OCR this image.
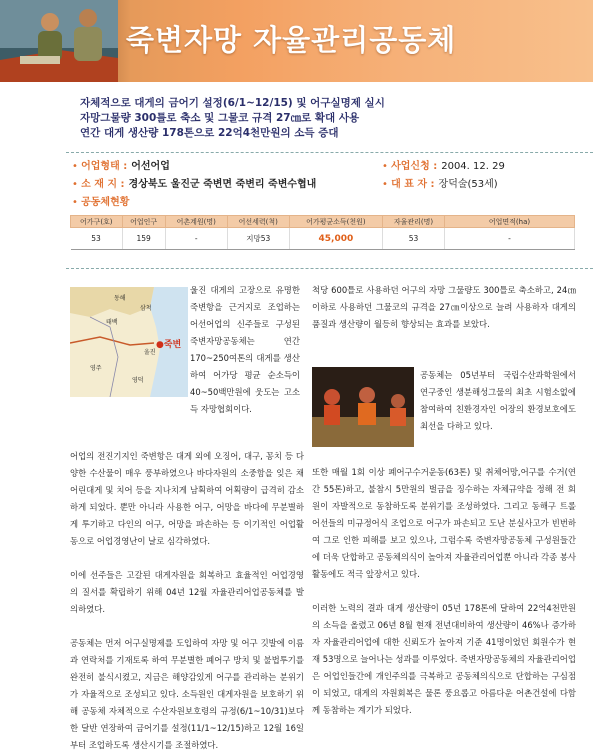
죽변자망 자율관리공동체
자체적으로 대게의 금어기 설정(6/1~12/15) 및 어구실명제 실시
자망그물량 300틀로 축소 및 그물코 규격 27㎝로 확대 사용
연간 대게 생산량 178톤으로 22억4천만원의 소득 증대
• 어업형태 : 어선어업	• 사업신청 : 2004. 12. 29
• 소 재 지 : 경상북도 울진군 죽변면 죽변리 죽변수협내	• 대 표 자 : 장덕술(53세)
• 공동체현황
어가구(호)	어업인구	어촌계원(명)	어선세력(척)	어가평균소득(천원)	자율관리(명)	어업면적(ha)
53	159	-	지망53	45,000	53	-
동해
삼척
태백
울진
●죽변
영주
영덕

울진 대게의 고장으로 유명한 죽변항을 근거지로 조업하는 어선어업의 신주들로 구성된 죽변자망공동체는 연간 170~250여톤의 대게를 생산하여 어가당 평균 순소득이 40~50백만원에 웃도는 고소득 자망협회이다.

어업의 전진기지인 죽변항은 대게 외에 오징어, 대구, 꽁치 등 다양한 수산물이 매우 풍부하였으나 바다자원의 소중함을 잊은 채 어린대게 및 치어 등을 지나치게 남획하여 어획량이 급격히 감소하게 되었다. 뿐만 아니라 사용한 어구, 어망을 바다에 무분별하게 투기하고 다인의 어구, 어망을 파손하는 등 이기적인 어업활동으로 어업경영난이 날로 심각하였다.

이에 선주들은 고갈된 대게자원을 회복하고 효율적인 어업경영의 질서를 확립하기 위해 04년 12월 자율관리어업공동체를 발의하였다.

공동체는 먼저 어구실명제를 도입하여 자망 및 어구 깃발에 이름과 연락처를 기재토록 하여 무분별한 폐어구 방치 및 불법투기를 완전히 불식시켰고, 지금은 해양감있게 어구를 관리하는 분위기가 자율적으로 조성되고 있다. 소득원인 대게자원을 보호하기 위해 공동체 자체적으로 수산자원보호령의 규정(6/1~10/31)보다 한 달반 연장하여 금어기를 설정(11/1~12/15)하고 12월 16일부터 조업하도록 생산시기를 조절하였다.

척당 600틀로 사용하던 어구의 자망 그물량도 300틀로 축소하고, 24㎝이하로 사용하던 그물코의 규격을 27㎝이상으로 늘려 사용하자 대게의 품질과 생산량이 월등히 향상되는 효과를 보았다.

공동체는 05년부터 국립수산과학원에서 연구중인 생분해성그물의 최초 시험소없에 참여하여 친환경자인 어장의 환경보호에도 최선을 다하고 있다.

또한 매월 1회 이상 폐어구수거운동(63톤) 및 취체어망,어구를 수거(연간 55톤)하고, 불참시 5만원의 벌금을 징수하는 자체규약을 정해 전 회원이 자발적으로 동참하도록 분위기를 조성하였다. 그리고 동해구 트롤 어선들의 미규정어식 조업으로 어구가 파손되고 도난 분실사고가 빈번하여 그로 인한 피해를 보고 있으나, 그럼수록 죽변자망공동체 구성원들간에 더욱 단합하고 공동체의식이 높아져 자율관리어업뿐 아니라 각종 봉사활동에도 적극 앞장서고 있다.

이러한 노력의 결과 대게 생산량이 05년 178톤에 달하여 22억4천만원의 소득을 올렸고 06년 8월 현재 전년대비하여 생산량이 46%나 증가하자 자율관리어업에 대한 신뢰도가 높아져 기준 41명이었던 회원수가 현재 53명으로 늘어나는 성과를 이루었다. 죽변자망공동체의 자율관리어업은 어업인들간에 개인주의를 극복하고 공동체의식으로 단합하는 구심점이 되었고, 대게의 자원회복은 물론 풍요롭고 아름다운 어촌건설에 다함께 동참하는 계기가 되었다.
